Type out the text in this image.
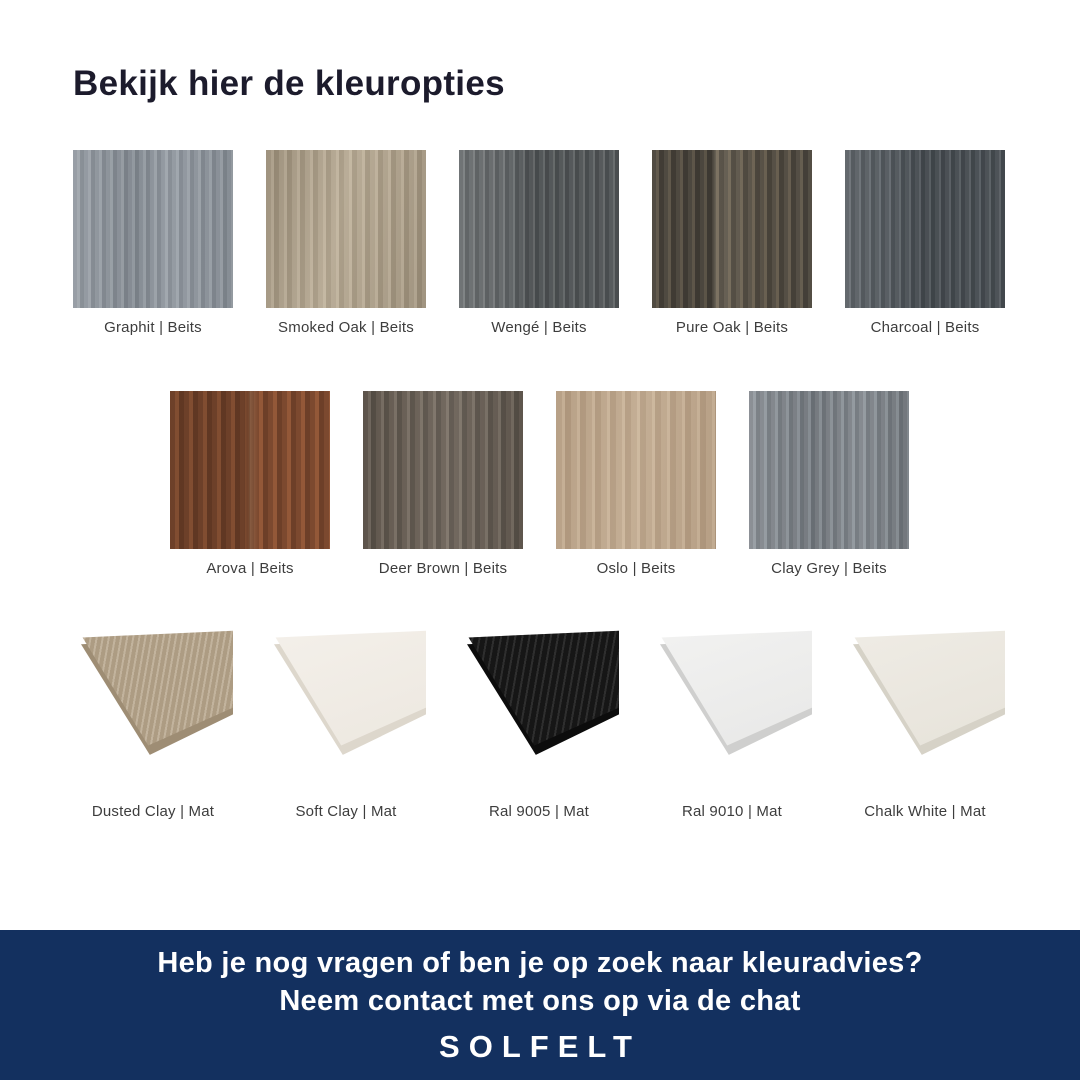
Bekijk hier de kleuropties
Graphit | Beits	Smoked Oak | Beits	Wengé | Beits	Pure Oak | Beits	Charcoal | Beits
Arova | Beits	Deer Brown | Beits	Oslo | Beits	Clay Grey | Beits
Dusted Clay | Mat	Soft Clay | Mat	Ral 9005 | Mat	Ral 9010 | Mat	Chalk White | Mat
Heb je nog vragen of ben je op zoek naar kleuradvies?
Neem contact met ons op via de chat
SOLFELT
